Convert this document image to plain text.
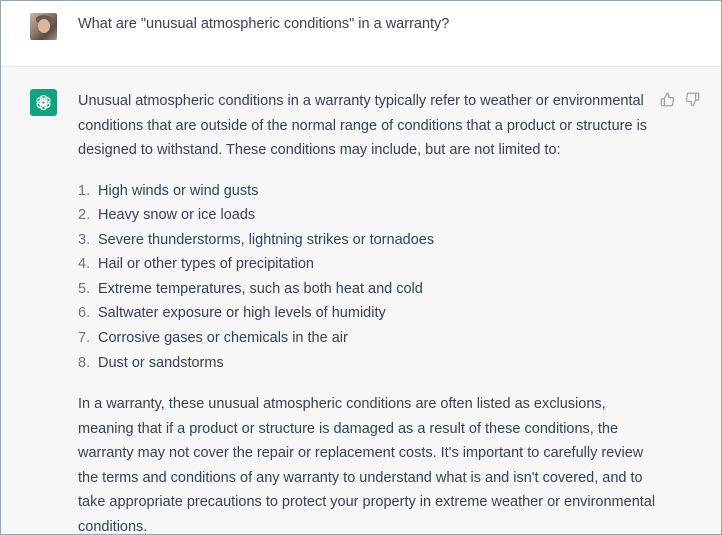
What are "unusual atmospheric conditions" in a warranty?

Unusual atmospheric conditions in a warranty typically refer to weather or environmental conditions that are outside of the normal range of conditions that a product or structure is designed to withstand. These conditions may include, but are not limited to:

1. High winds or wind gusts
2. Heavy snow or ice loads
3. Severe thunderstorms, lightning strikes or tornadoes
4. Hail or other types of precipitation
5. Extreme temperatures, such as both heat and cold
6. Saltwater exposure or high levels of humidity
7. Corrosive gases or chemicals in the air
8. Dust or sandstorms

In a warranty, these unusual atmospheric conditions are often listed as exclusions, meaning that if a product or structure is damaged as a result of these conditions, the warranty may not cover the repair or replacement costs. It's important to carefully review the terms and conditions of any warranty to understand what is and isn't covered, and to take appropriate precautions to protect your property in extreme weather or environmental conditions.
